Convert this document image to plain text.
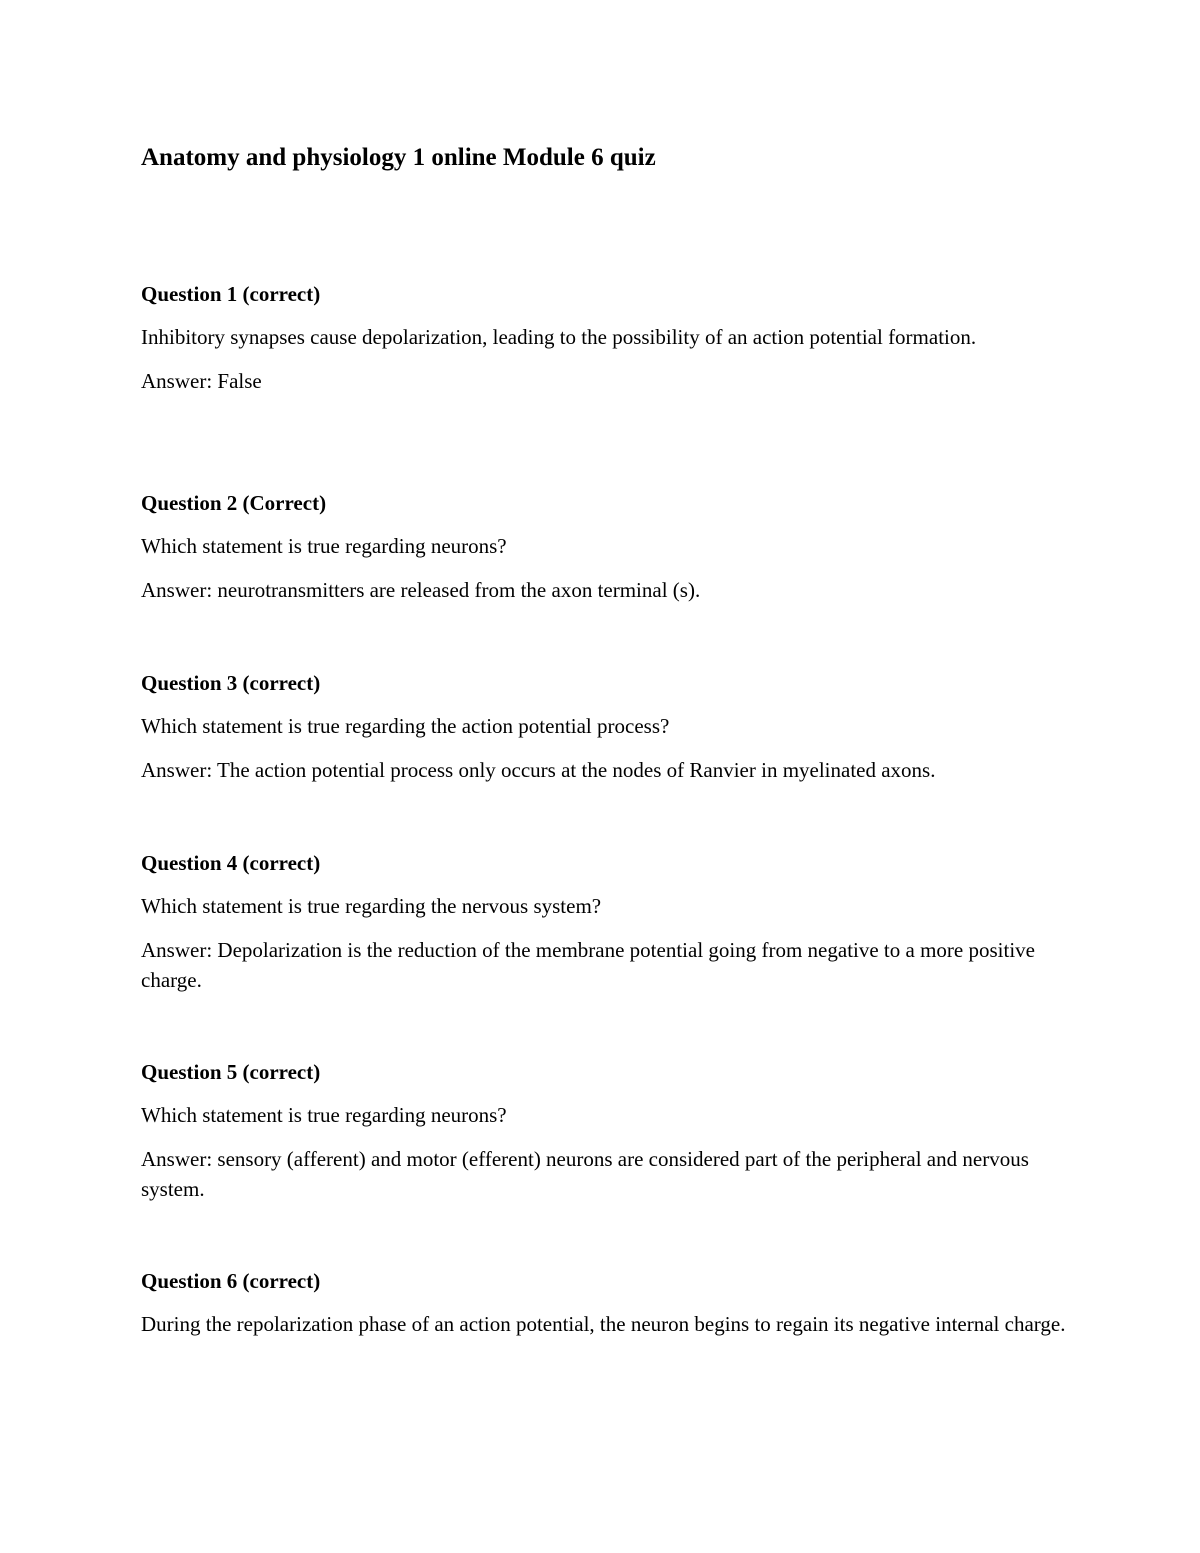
Anatomy and physiology 1 online Module 6 quiz

Question 1 (correct)

Inhibitory synapses cause depolarization, leading to the possibility of an action potential formation.

Answer: False

Question 2 (Correct)

Which statement is true regarding neurons?

Answer: neurotransmitters are released from the axon terminal (s).

Question 3 (correct)

Which statement is true regarding the action potential process?

Answer: The action potential process only occurs at the nodes of Ranvier in myelinated axons.

Question 4 (correct)

Which statement is true regarding the nervous system?

Answer: Depolarization is the reduction of the membrane potential going from negative to a more positive charge.

Question 5 (correct)

Which statement is true regarding neurons?

Answer: sensory (afferent) and motor (efferent) neurons are considered part of the peripheral and nervous system.

Question 6 (correct)

During the repolarization phase of an action potential, the neuron begins to regain its negative internal charge.
